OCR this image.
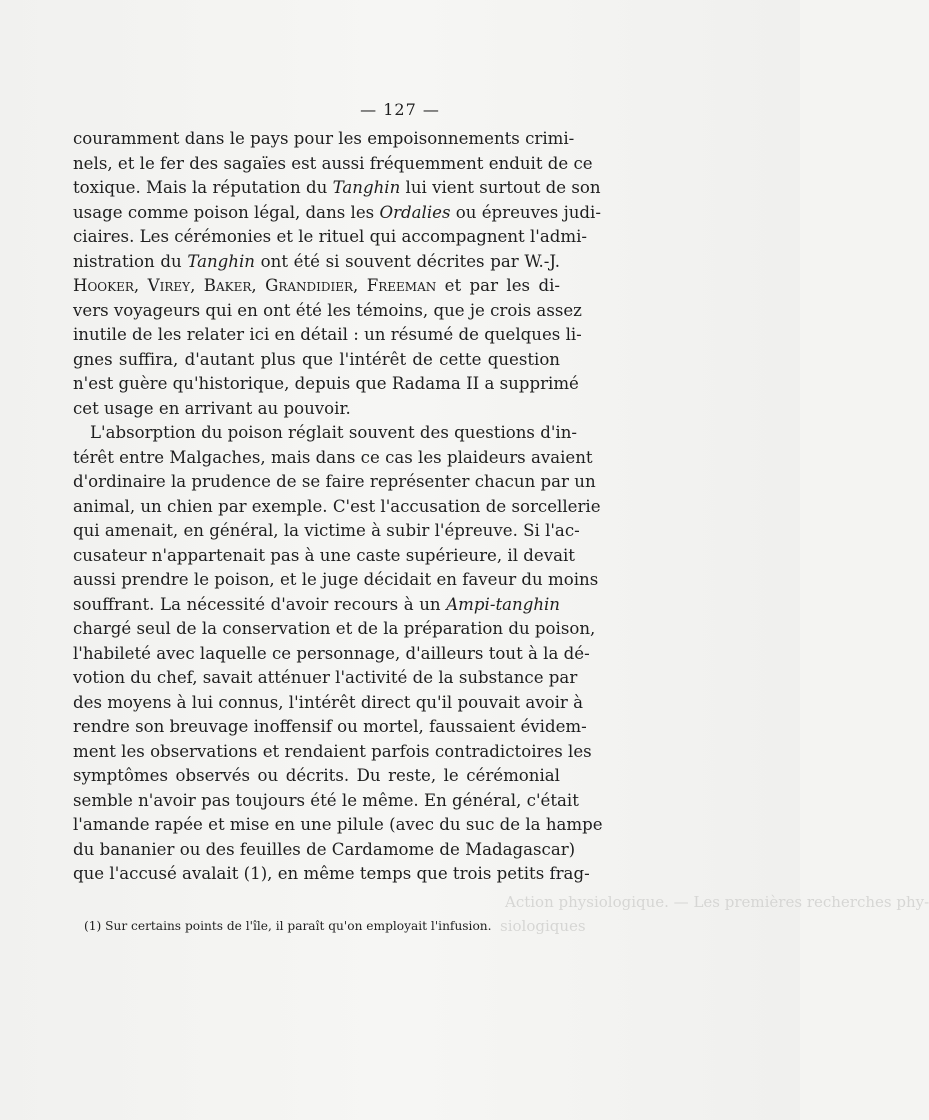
— 127 —
couramment dans le pays pour les empoisonnements crimi-
nels, et le fer des sagaïes est aussi fréquemment enduit de ce
toxique. Mais la réputation du Tanghin lui vient surtout de son
usage comme poison légal, dans les Ordalies ou épreuves judi-
ciaires. Les cérémonies et le rituel qui accompagnent l'admi-
nistration du Tanghin ont été si souvent décrites par W.-J.
Hooker, Virey, Baker, Grandidier, Freeman et par les di-
vers voyageurs qui en ont été les témoins, que je crois assez
inutile de les relater ici en détail : un résumé de quelques li-
gnes suffira, d'autant plus que l'intérêt de cette question
n'est guère qu'historique, depuis que Radama II a supprimé
cet usage en arrivant au pouvoir.
L'absorption du poison réglait souvent des questions d'in-
térêt entre Malgaches, mais dans ce cas les plaideurs avaient
d'ordinaire la prudence de se faire représenter chacun par un
animal, un chien par exemple. C'est l'accusation de sorcellerie
qui amenait, en général, la victime à subir l'épreuve. Si l'ac-
cusateur n'appartenait pas à une caste supérieure, il devait
aussi prendre le poison, et le juge décidait en faveur du moins
souffrant. La nécessité d'avoir recours à un Ampi-tanghin
chargé seul de la conservation et de la préparation du poison,
l'habileté avec laquelle ce personnage, d'ailleurs tout à la dé-
votion du chef, savait atténuer l'activité de la substance par
des moyens à lui connus, l'intérêt direct qu'il pouvait avoir à
rendre son breuvage inoffensif ou mortel, faussaient évidem-
ment les observations et rendaient parfois contradictoires les
symptômes observés ou décrits. Du reste, le cérémonial
semble n'avoir pas toujours été le même. En général, c'était
l'amande rapée et mise en une pilule (avec du suc de la hampe
du bananier ou des feuilles de Cardamome de Madagascar)
que l'accusé avalait (1), en même temps que trois petits frag-
(1) Sur certains points de l'île, il paraît qu'on employait l'infusion.
Action physiologique. — Les premières recherches phy-
siologiques
